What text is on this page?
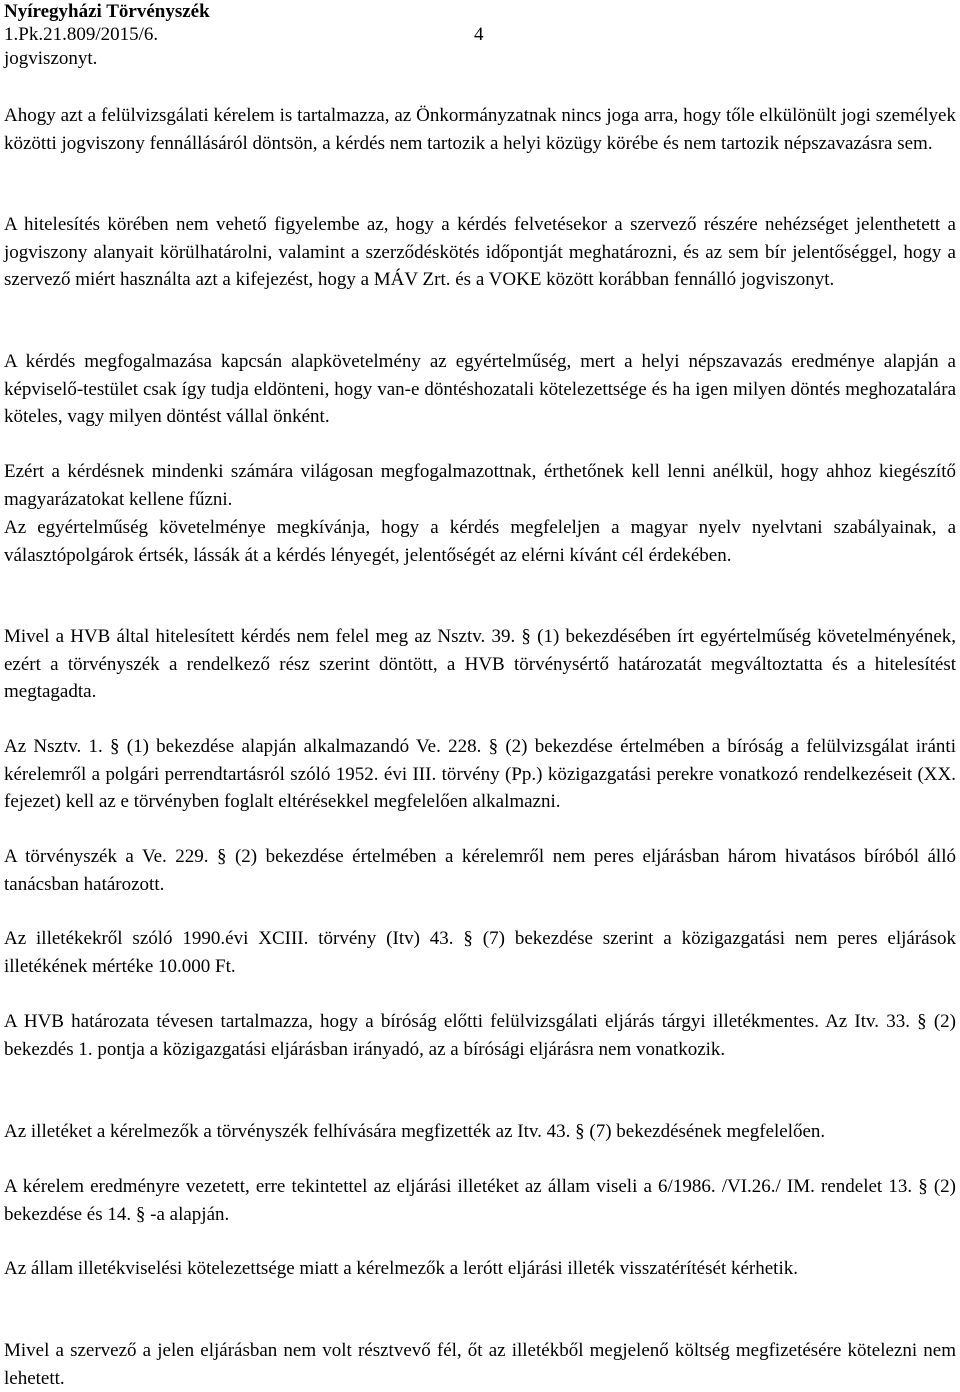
Nyíregyházi Törvényszék
1.Pk.21.809/2015/6.	4
jogviszonyt.

Ahogy azt a felülvizsgálati kérelem is tartalmazza, az Önkormányzatnak nincs joga arra, hogy tőle elkülönült jogi személyek közötti jogviszony fennállásáról döntsön, a kérdés nem tartozik a helyi közügy körébe és nem tartozik népszavazásra sem.

A hitelesítés körében nem vehető figyelembe az, hogy a kérdés felvetésekor a szervező részére nehézséget jelenthetett a jogviszony alanyait körülhatárolni, valamint a szerződéskötés időpontját meghatározni, és az sem bír jelentőséggel, hogy a szervező miért használta azt a kifejezést, hogy a MÁV Zrt. és a VOKE között korábban fennálló jogviszonyt.

A kérdés megfogalmazása kapcsán alapkövetelmény az egyértelműség, mert a helyi népszavazás eredménye alapján a képviselő-testület csak így tudja eldönteni, hogy van-e döntéshozatali kötelezettsége és ha igen milyen döntés meghozatalára köteles, vagy milyen döntést vállal önként.

Ezért a kérdésnek mindenki számára világosan megfogalmazottnak, érthetőnek kell lenni anélkül, hogy ahhoz kiegészítő magyarázatokat kellene fűzni.

Az egyértelműség követelménye megkívánja, hogy a kérdés megfeleljen a magyar nyelv nyelvtani szabályainak, a választópolgárok értsék, lássák át a kérdés lényegét, jelentőségét az elérni kívánt cél érdekében.

Mivel a HVB által hitelesített kérdés nem felel meg az Nsztv. 39. § (1) bekezdésében írt egyértelműség követelményének, ezért a törvényszék a rendelkező rész szerint döntött, a HVB törvénysértő határozatát megváltoztatta és a hitelesítést megtagadta.

Az Nsztv. 1. § (1) bekezdése alapján alkalmazandó Ve. 228. § (2) bekezdése értelmében a bíróság a felülvizsgálat iránti kérelemről a polgári perrendtartásról szóló 1952. évi III. törvény (Pp.) közigazgatási perekre vonatkozó rendelkezéseit (XX. fejezet) kell az e törvényben foglalt eltérésekkel megfelelően alkalmazni.

A törvényszék a Ve. 229. § (2) bekezdése értelmében a kérelemről nem peres eljárásban három hivatásos bíróból álló tanácsban határozott.

Az illetékekről szóló 1990.évi XCIII. törvény (Itv) 43. § (7) bekezdése szerint a közigazgatási nem peres eljárások illetékének mértéke 10.000 Ft.

A HVB határozata tévesen tartalmazza, hogy a bíróság előtti felülvizsgálati eljárás tárgyi illetékmentes. Az Itv. 33. § (2) bekezdés 1. pontja a közigazgatási eljárásban irányadó, az a bírósági eljárásra nem vonatkozik.

Az illetéket a kérelmezők a törvényszék felhívására megfizették az Itv. 43. § (7) bekezdésének megfelelően.

A kérelem eredményre vezetett, erre tekintettel az eljárási illetéket az állam viseli a 6/1986. /VI.26./ IM. rendelet 13. § (2) bekezdése és 14. § -a alapján.

Az állam illetékviselési kötelezettsége miatt a kérelmezők a lerótt eljárási illeték visszatérítését kérhetik.

Mivel a szervező a jelen eljárásban nem volt résztvevő fél, őt az illetékből megjelenő költség megfizetésére kötelezni nem lehetett.
